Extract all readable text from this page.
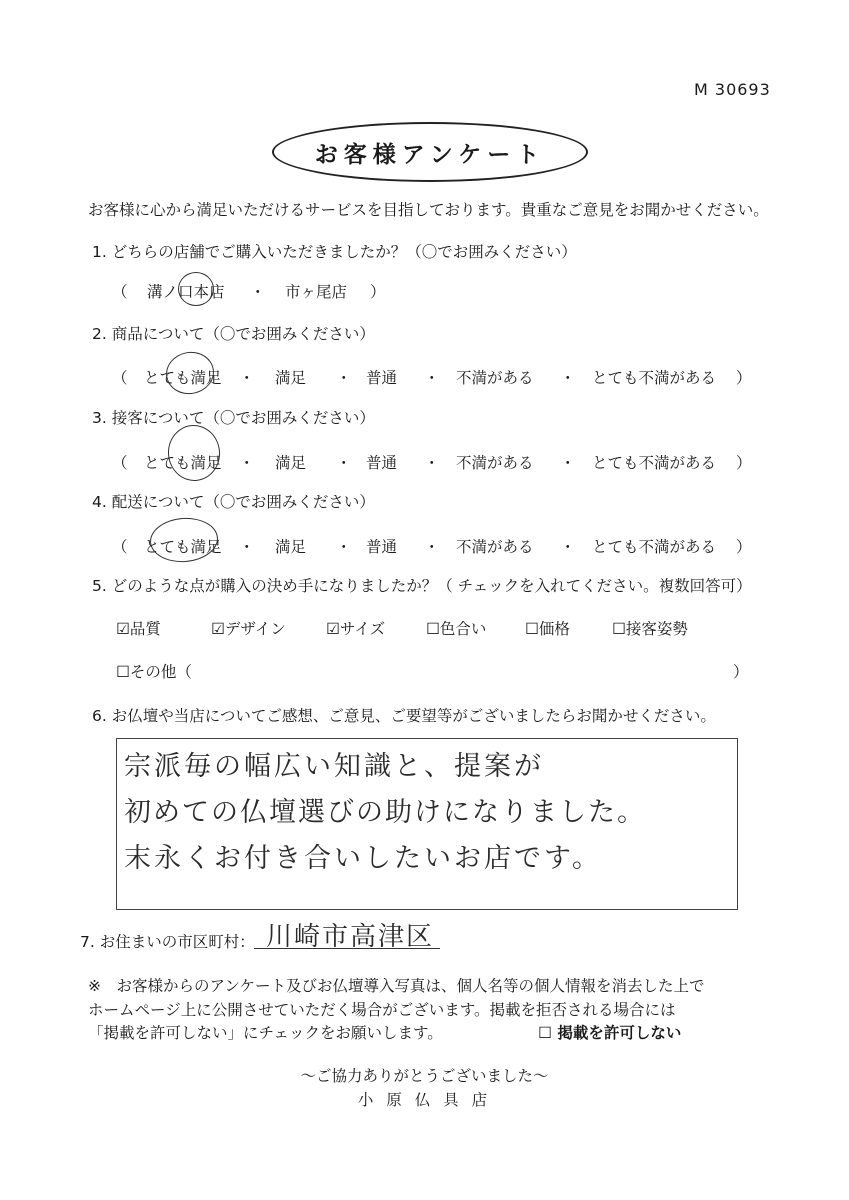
M 30693
お客様アンケート
お客様に心から満足いただけるサービスを目指しております。貴重なご意見をお聞かせください。
1. どちらの店舗でご購入いただきましたか？（〇でお囲みください）
（ 溝ノ口本店 ・ 市ヶ尾店 ）
2. 商品について（〇でお囲みください）
（ とても満足 ・ 満足 ・ 普通 ・ 不満がある ・ とても不満がある ）
3. 接客について（〇でお囲みください）
（ とても満足 ・ 満足 ・ 普通 ・ 不満がある ・ とても不満がある ）
4. 配送について（〇でお囲みください）
（ とても満足 ・ 満足 ・ 普通 ・ 不満がある ・ とても不満がある ）
5. どのような点が購入の決め手になりましたか？（ チェックを入れてください。複数回答可）
☑品質	☑デザイン	☑サイズ	☐色合い ☐価格	☐接客姿勢
☐その他（	）
6. お仏壇や当店についてご感想、ご意見、ご要望等がございましたらお聞かせください。
宗派毎の幅広い知識と、提案が
初めての仏壇選びの助けになりました。
末永くお付き合いしたいお店です。
7. お住まいの市区町村： 川崎市高津区
※　お客様からのアンケート及びお仏壇導入写真は、個人名等の個人情報を消去した上で
ホームページ上に公開させていただく場合がございます。掲載を拒否される場合には
「掲載を許可しない」にチェックをお願いします。	☐ 掲載を許可しない
～ご協力ありがとうございました～
小 原 仏 具 店
